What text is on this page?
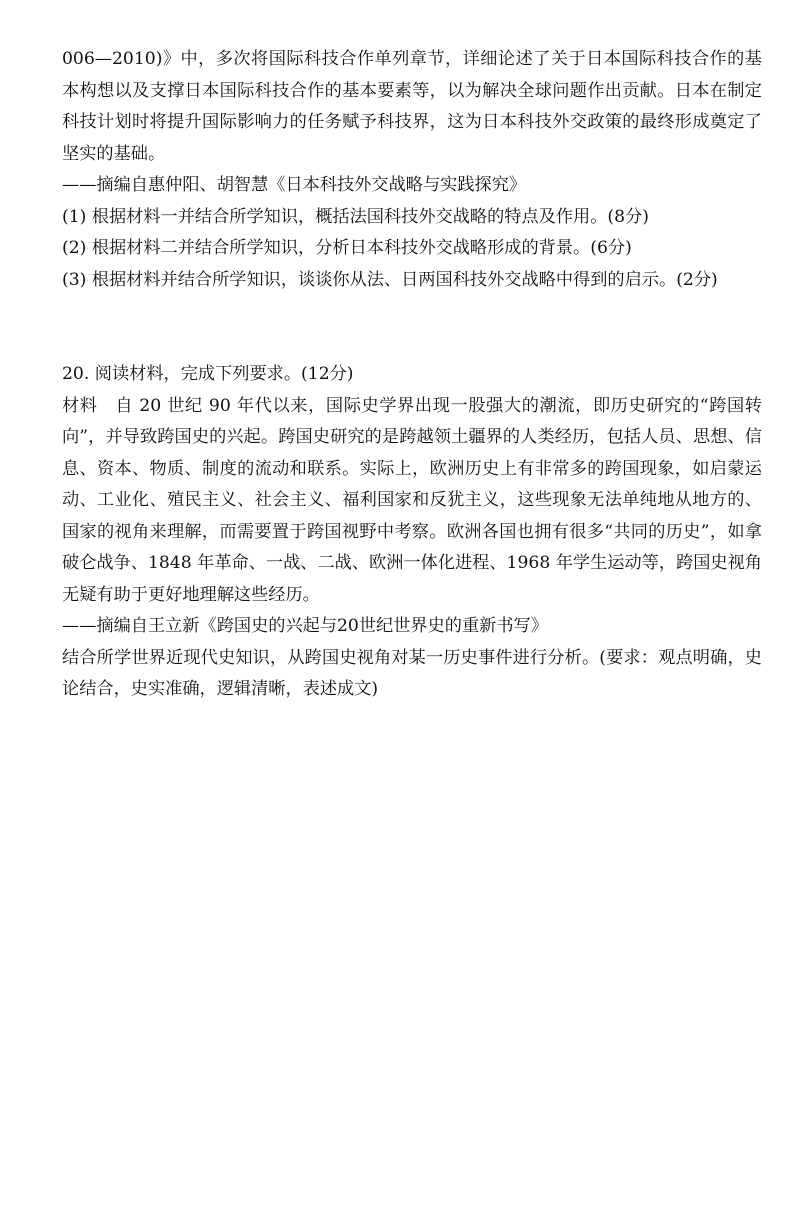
006—2010)》中，多次将国际科技合作单列章节，详细论述了关于日本国际科技合作的基本构想以及支撑日本国际科技合作的基本要素等，以为解决全球问题作出贡献。日本在制定科技计划时将提升国际影响力的任务赋予科技界，这为日本科技外交政策的最终形成奠定了坚实的基础。

——摘编自惠仲阳、胡智慧《日本科技外交战略与实践探究》

(1) 根据材料一并结合所学知识，概括法国科技外交战略的特点及作用。(8分)

(2) 根据材料二并结合所学知识，分析日本科技外交战略形成的背景。(6分)

(3) 根据材料并结合所学知识，谈谈你从法、日两国科技外交战略中得到的启示。(2分)

20. 阅读材料，完成下列要求。(12分)

材料　自 20 世纪 90 年代以来，国际史学界出现一股强大的潮流，即历史研究的“跨国转向”，并导致跨国史的兴起。跨国史研究的是跨越领土疆界的人类经历，包括人员、思想、信息、资本、物质、制度的流动和联系。实际上，欧洲历史上有非常多的跨国现象，如启蒙运动、工业化、殖民主义、社会主义、福利国家和反犹主义，这些现象无法单纯地从地方的、国家的视角来理解，而需要置于跨国视野中考察。欧洲各国也拥有很多“共同的历史”，如拿破仑战争、1848 年革命、一战、二战、欧洲一体化进程、1968 年学生运动等，跨国史视角无疑有助于更好地理解这些经历。

——摘编自王立新《跨国史的兴起与20世纪世界史的重新书写》

结合所学世界近现代史知识，从跨国史视角对某一历史事件进行分析。(要求：观点明确，史论结合，史实准确，逻辑清晰，表述成文)
